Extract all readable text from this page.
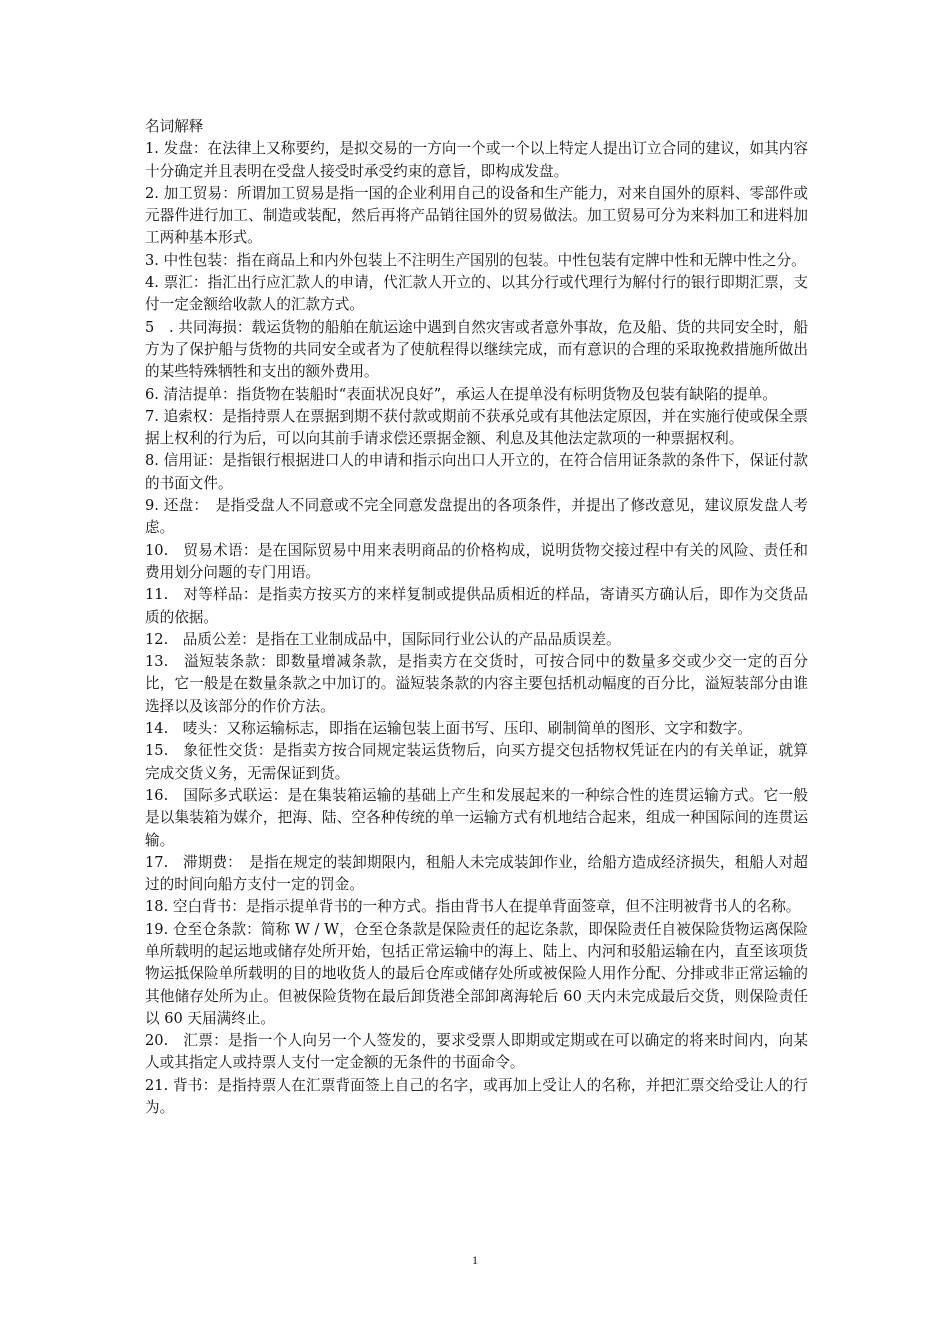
名词解释

1. 发盘：在法律上又称要约，是拟交易的一方向一个或一个以上特定人提出订立合同的建议，如其内容十分确定并且表明在受盘人接受时承受约束的意旨，即构成发盘。

2. 加工贸易：所谓加工贸易是指一国的企业利用自己的设备和生产能力，对来自国外的原料、零部件或元器件进行加工、制造或装配，然后再将产品销往国外的贸易做法。加工贸易可分为来料加工和进料加工两种基本形式。

3. 中性包装：指在商品上和内外包装上不注明生产国别的包装。中性包装有定牌中性和无牌中性之分。

4. 票汇：指汇出行应汇款人的申请，代汇款人开立的、以其分行或代理行为解付行的银行即期汇票，支付一定金额给收款人的汇款方式。

5　. 共同海损：载运货物的船舶在航运途中遇到自然灾害或者意外事故，危及船、货的共同安全时，船方为了保护船与货物的共同安全或者为了使航程得以继续完成，而有意识的合理的采取挽救措施所做出的某些特殊牺牲和支出的额外费用。

6. 清洁提单：指货物在装船时“表面状况良好”，承运人在提单没有标明货物及包装有缺陷的提单。

7. 追索权：是指持票人在票据到期不获付款或期前不获承兑或有其他法定原因，并在实施行使或保全票据上权利的行为后，可以向其前手请求偿还票据金额、利息及其他法定款项的一种票据权利。

8. 信用证：是指银行根据进口人的申请和指示向出口人开立的，在符合信用证条款的条件下，保证付款的书面文件。

9. 还盘：　是指受盘人不同意或不完全同意发盘提出的各项条件，并提出了修改意见，建议原发盘人考虑。

10.　贸易术语：是在国际贸易中用来表明商品的价格构成，说明货物交接过程中有关的风险、责任和费用划分问题的专门用语。

11.　对等样品：是指卖方按买方的来样复制或提供品质相近的样品，寄请买方确认后，即作为交货品质的依据。

12.　品质公差：是指在工业制成品中，国际同行业公认的产品品质误差。

13.　溢短装条款：即数量增减条款，是指卖方在交货时，可按合同中的数量多交或少交一定的百分比，它一般是在数量条款之中加订的。溢短装条款的内容主要包括机动幅度的百分比，溢短装部分由谁选择以及该部分的作价方法。

14.　唛头：又称运输标志，即指在运输包装上面书写、压印、刷制简单的图形、文字和数字。

15.　象征性交货：是指卖方按合同规定装运货物后，向买方提交包括物权凭证在内的有关单证，就算完成交货义务，无需保证到货。

16.　国际多式联运：是在集装箱运输的基础上产生和发展起来的一种综合性的连贯运输方式。它一般是以集装箱为媒介，把海、陆、空各种传统的单一运输方式有机地结合起来，组成一种国际间的连贯运输。

17.　滞期费：　是指在规定的装卸期限内，租船人未完成装卸作业，给船方造成经济损失，租船人对超过的时间向船方支付一定的罚金。

18. 空白背书：是指示提单背书的一种方式。指由背书人在提单背面签章，但不注明被背书人的名称。

19. 仓至仓条款：简称 W / W，仓至仓条款是保险责任的起讫条款，即保险责任自被保险货物运离保险单所载明的起运地或储存处所开始，包括正常运输中的海上、陆上、内河和驳船运输在内，直至该项货物运抵保险单所载明的目的地收货人的最后仓库或储存处所或被保险人用作分配、分排或非正常运输的其他储存处所为止。但被保险货物在最后卸货港全部卸离海轮后 60 天内未完成最后交货，则保险责任以 60 天届满终止。

20.　汇票：是指一个人向另一个人签发的，要求受票人即期或定期或在可以确定的将来时间内，向某人或其指定人或持票人支付一定金额的无条件的书面命令。

21. 背书：是指持票人在汇票背面签上自己的名字，或再加上受让人的名称，并把汇票交给受让人的行为。

1
